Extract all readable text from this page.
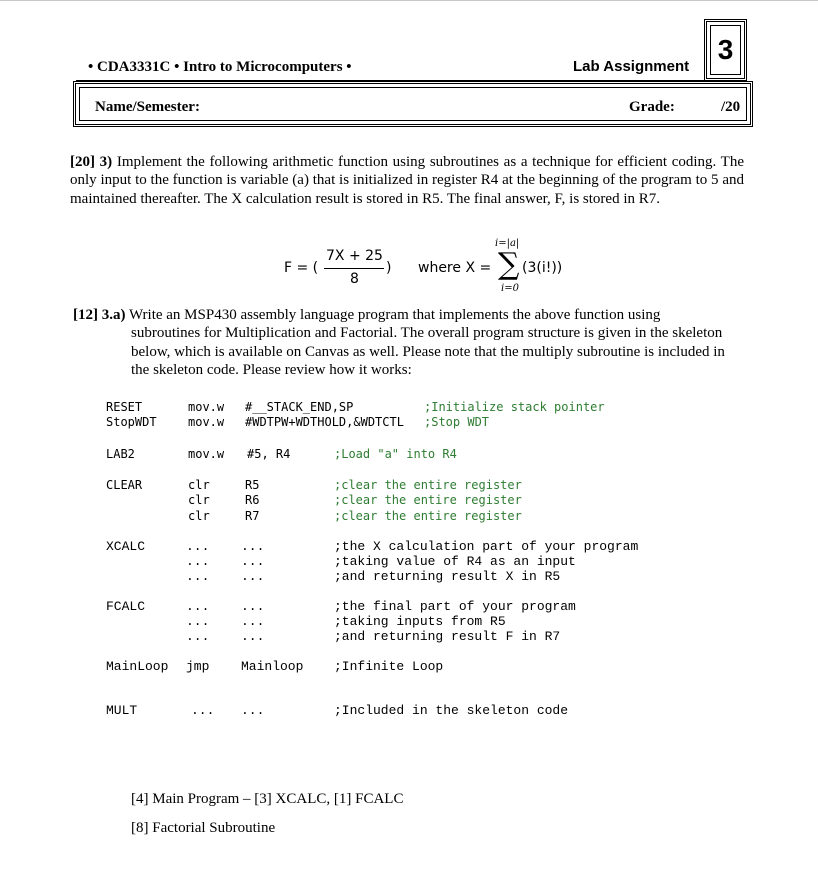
• CDA3331C • Intro to Microcomputers •	Lab Assignment
3
Name/Semester:	Grade:	/20
[20] 3) Implement the following arithmetic function using subroutines as a technique for efficient coding. The only input to the function is variable (a) that is initialized in register R4 at the beginning of the program to 5 and maintained thereafter. The X calculation result is stored in R5. The final answer, F, is stored in R7.
F = (
7X + 25
8
) where X =
i=|a|
∑
i=0
(3(i!))
[12] 3.a) Write an MSP430 assembly language program that implements the above function using
subroutines for Multiplication and Factorial. The overall program structure is given in the skeleton below, which is available on Canvas as well. Please note that the multiply subroutine is included in the skeleton code. Please review how it works:
RESET	mov.w #__STACK_END,SP	;Initialize stack pointer
StopWDT	mov.w #WDTPW+WDTHOLD,&WDTCTL ;Stop WDT
LAB2	mov.w #5, R4	;Load "a" into R4
CLEAR	clr	R5	;clear the entire register
clr	R6	;clear the entire register
clr	R7	;clear the entire register
XCALC	... ...	;the X calculation part of your program
... ...	;taking value of R4 as an input
... ...	;and returning result X in R5
FCALC	... ...	;the final part of your program
... ...	;taking inputs from R5
... ...	;and returning result F in R7
MainLoop jmp Mainloop ;Infinite Loop
MULT	... ...	;Included in the skeleton code
[4] Main Program – [3] XCALC, [1] FCALC
[8] Factorial Subroutine
